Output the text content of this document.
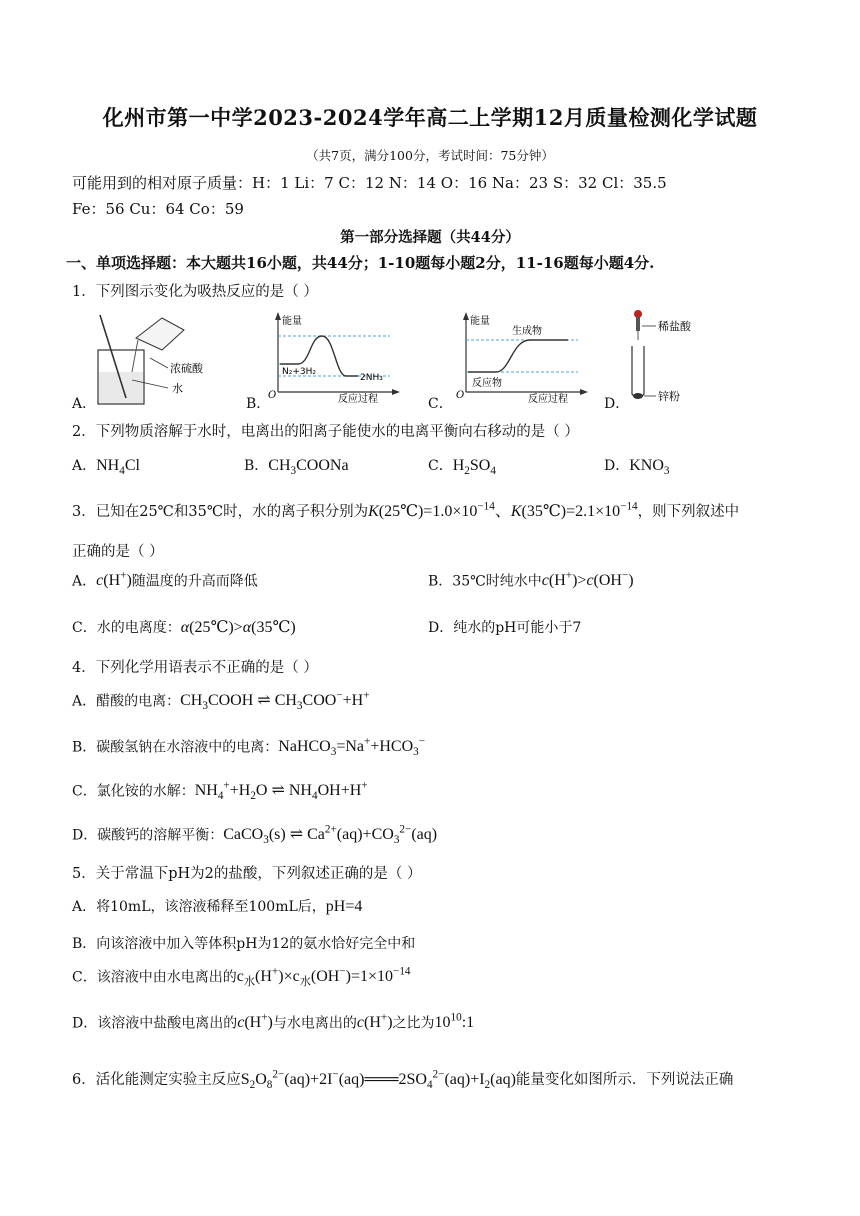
化州市第一中学2023-2024学年高二上学期12月质量检测化学试题
（共7页，满分100分，考试时间：75分钟）
可能用到的相对原子质量：H：1 Li：7 C：12 N：14 O：16 Na：23 S：32 Cl：35.5
Fe：56 Cu：64 Co：59
第一部分选择题（共44分）
一、单项选择题：本大题共16小题，共44分；1-10题每小题2分，11-16题每小题4分.
1．下列图示变化为吸热反应的是（ ）
浓硫酸
水
A．
能量
反应过程
O
N₂+3H₂
2NH₃
B．
能量
反应过程
O
反应物
生成物
C．
稀盐酸
锌粉
D．
2．下列物质溶解于水时，电离出的阳离子能使水的电离平衡向右移动的是（ ）
A．$NH_4Cl$	B．$CH_3COONa$	C．$H_2SO_4$	D．$KNO_3$
3．已知在25℃和35℃时，水的离子积分别为$K(25℃)=1.0\times 10^{-14}$、$K(35℃)=2.1\times 10^{-14}$，则下列叙述中
正确的是（ ）
A．c(H+)随温度的升高而降低	B．35℃时纯水中c(H+)>c(OH−)
C．水的电离度：α(25℃)>α(35℃)	D．纯水的pH可能小于7
4．下列化学用语表示不正确的是（ ）
A．醋酸的电离：$CH_3COOH$ ⇌ $CH_3COO^-+H^+$
B．碳酸氢钠在水溶液中的电离：$NaHCO_3=Na^++HCO_3^-$
C．氯化铵的水解：$NH_4^++H_2O$ ⇌ $NH_4OH+H^+$
D．碳酸钙的溶解平衡：CaCO$_3$(s) ⇌ $Ca^{2+}(aq)+CO_3^{2-}(aq)$
5．关于常温下pH为2的盐酸，下列叙述正确的是（ ）
A．将10mL，该溶液稀释至100mL后，pH=4
B．向该溶液中加入等体积pH为12的氨水恰好完全中和
C．该溶液中由水电离出的$c_水(H^+)\times c_水(OH^-)=1\times 10^{-14}$
D．该溶液中盐酸电离出的c(H+)与水电离出的c(H+)之比为$10^{10}:1$
6．活化能测定实验主反应$S_2O_8^{2-}(aq)+2I^-(aq)═══2SO_4^{2-}(aq)+I_2(aq)$能量变化如图所示．下列说法正确
